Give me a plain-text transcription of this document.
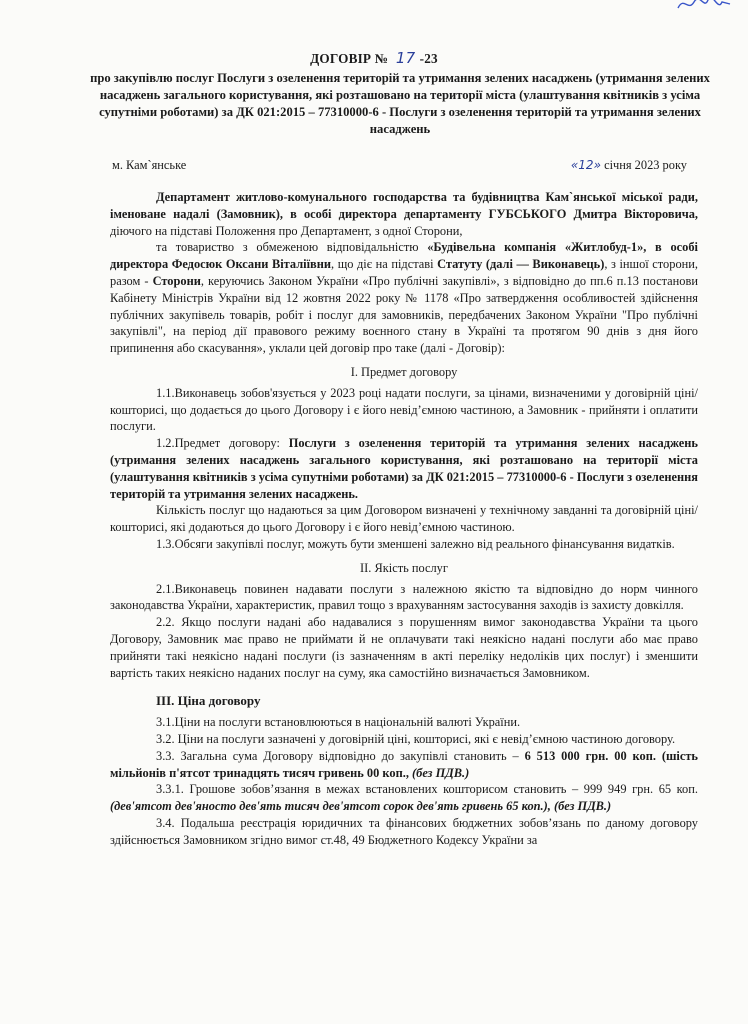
ДОГОВІР № 17 -23
про закупівлю послуг Послуги з озеленення територій та утримання зелених насаджень (утримання зелених насаджень загального користування, які розташовано на території міста (улаштування квітників з усіма супутніми роботами) за ДК 021:2015 – 77310000-6 - Послуги з озеленення територій та утримання зелених насаджень
м. Кам`янське	«12» січня 2023 року

Департамент житлово-комунального господарства та будівництва Кам`янської міської ради, іменоване надалі (Замовник), в особі директора департаменту ГУБСЬКОГО Дмитра Вікторовича, діючого на підставі Положення про Департамент, з одної Сторони,

та товариство з обмеженою відповідальністю «Будівельна компанія «Житлобуд-1», в особі директора Федосюк Оксани Віталіївни, що діє на підставі Статуту (далі — Виконавець), з іншої сторони, разом - Сторони, керуючись Законом України «Про публічні закупівлі», з відповідно до пп.6 п.13 постанови Кабінету Міністрів України від 12 жовтня 2022 року № 1178 «Про затвердження особливостей здійснення публічних закупівель товарів, робіт і послуг для замовників, передбачених Законом України "Про публічні закупівлі", на період дії правового режиму воєнного стану в Україні та протягом 90 днів з дня його припинення або скасування», уклали цей договір про таке (далі - Договір):

І. Предмет договору

1.1.Виконавець зобов'язується у 2023 році надати послуги, за цінами, визначеними у договірній ціні/кошторисі, що додається до цього Договору і є його невід’ємною частиною, а Замовник - прийняти і оплатити послуги.

1.2.Предмет договору: Послуги з озеленення територій та утримання зелених насаджень (утримання зелених насаджень загального користування, які розташовано на території міста (улаштування квітників з усіма супутніми роботами) за ДК 021:2015 – 77310000-6 - Послуги з озеленення територій та утримання зелених насаджень.

Кількість послуг що надаються за цим Договором визначені у технічному завданні та договірній ціні/кошторисі, які додаються до цього Договору і є його невід’ємною частиною.

1.3.Обсяги закупівлі послуг, можуть бути зменшені залежно від реального фінансування видатків.

ІІ. Якість послуг

2.1.Виконавець повинен надавати послуги з належною якістю та відповідно до норм чинного законодавства України, характеристик, правил тощо з врахуванням застосування заходів із захисту довкілля.

2.2. Якщо послуги надані або надавалися з порушенням вимог законодавства України та цього Договору, Замовник має право не приймати й не оплачувати такі неякісно надані послуги або має право прийняти такі неякісно надані послуги (із зазначенням в акті переліку недоліків цих послуг) і зменшити вартість таких неякісно наданих послуг на суму, яка самостійно визначається Замовником.

ІІІ. Ціна договору

3.1.Ціни на послуги встановлюються в національній валюті України.

3.2. Ціни на послуги зазначені у договірній ціні, кошторисі, які є невід’ємною частиною договору.

3.3. Загальна сума Договору відповідно до закупівлі становить – 6 513 000 грн. 00 коп. (шість мільйонів п'ятсот тринадцять тисяч гривень 00 коп., (без ПДВ.)

3.3.1. Грошове зобов’язання в межах встановлених кошторисом становить – 999 949 грн. 65 коп. (дев'ятсот дев'яносто дев'ять тисяч дев'ятсот сорок дев'ять гривень 65 коп.), (без ПДВ.)

3.4. Подальша реєстрація юридичних та фінансових бюджетних зобов’язань по даному договору здійснюється Замовником згідно вимог ст.48, 49 Бюджетного Кодексу України за
